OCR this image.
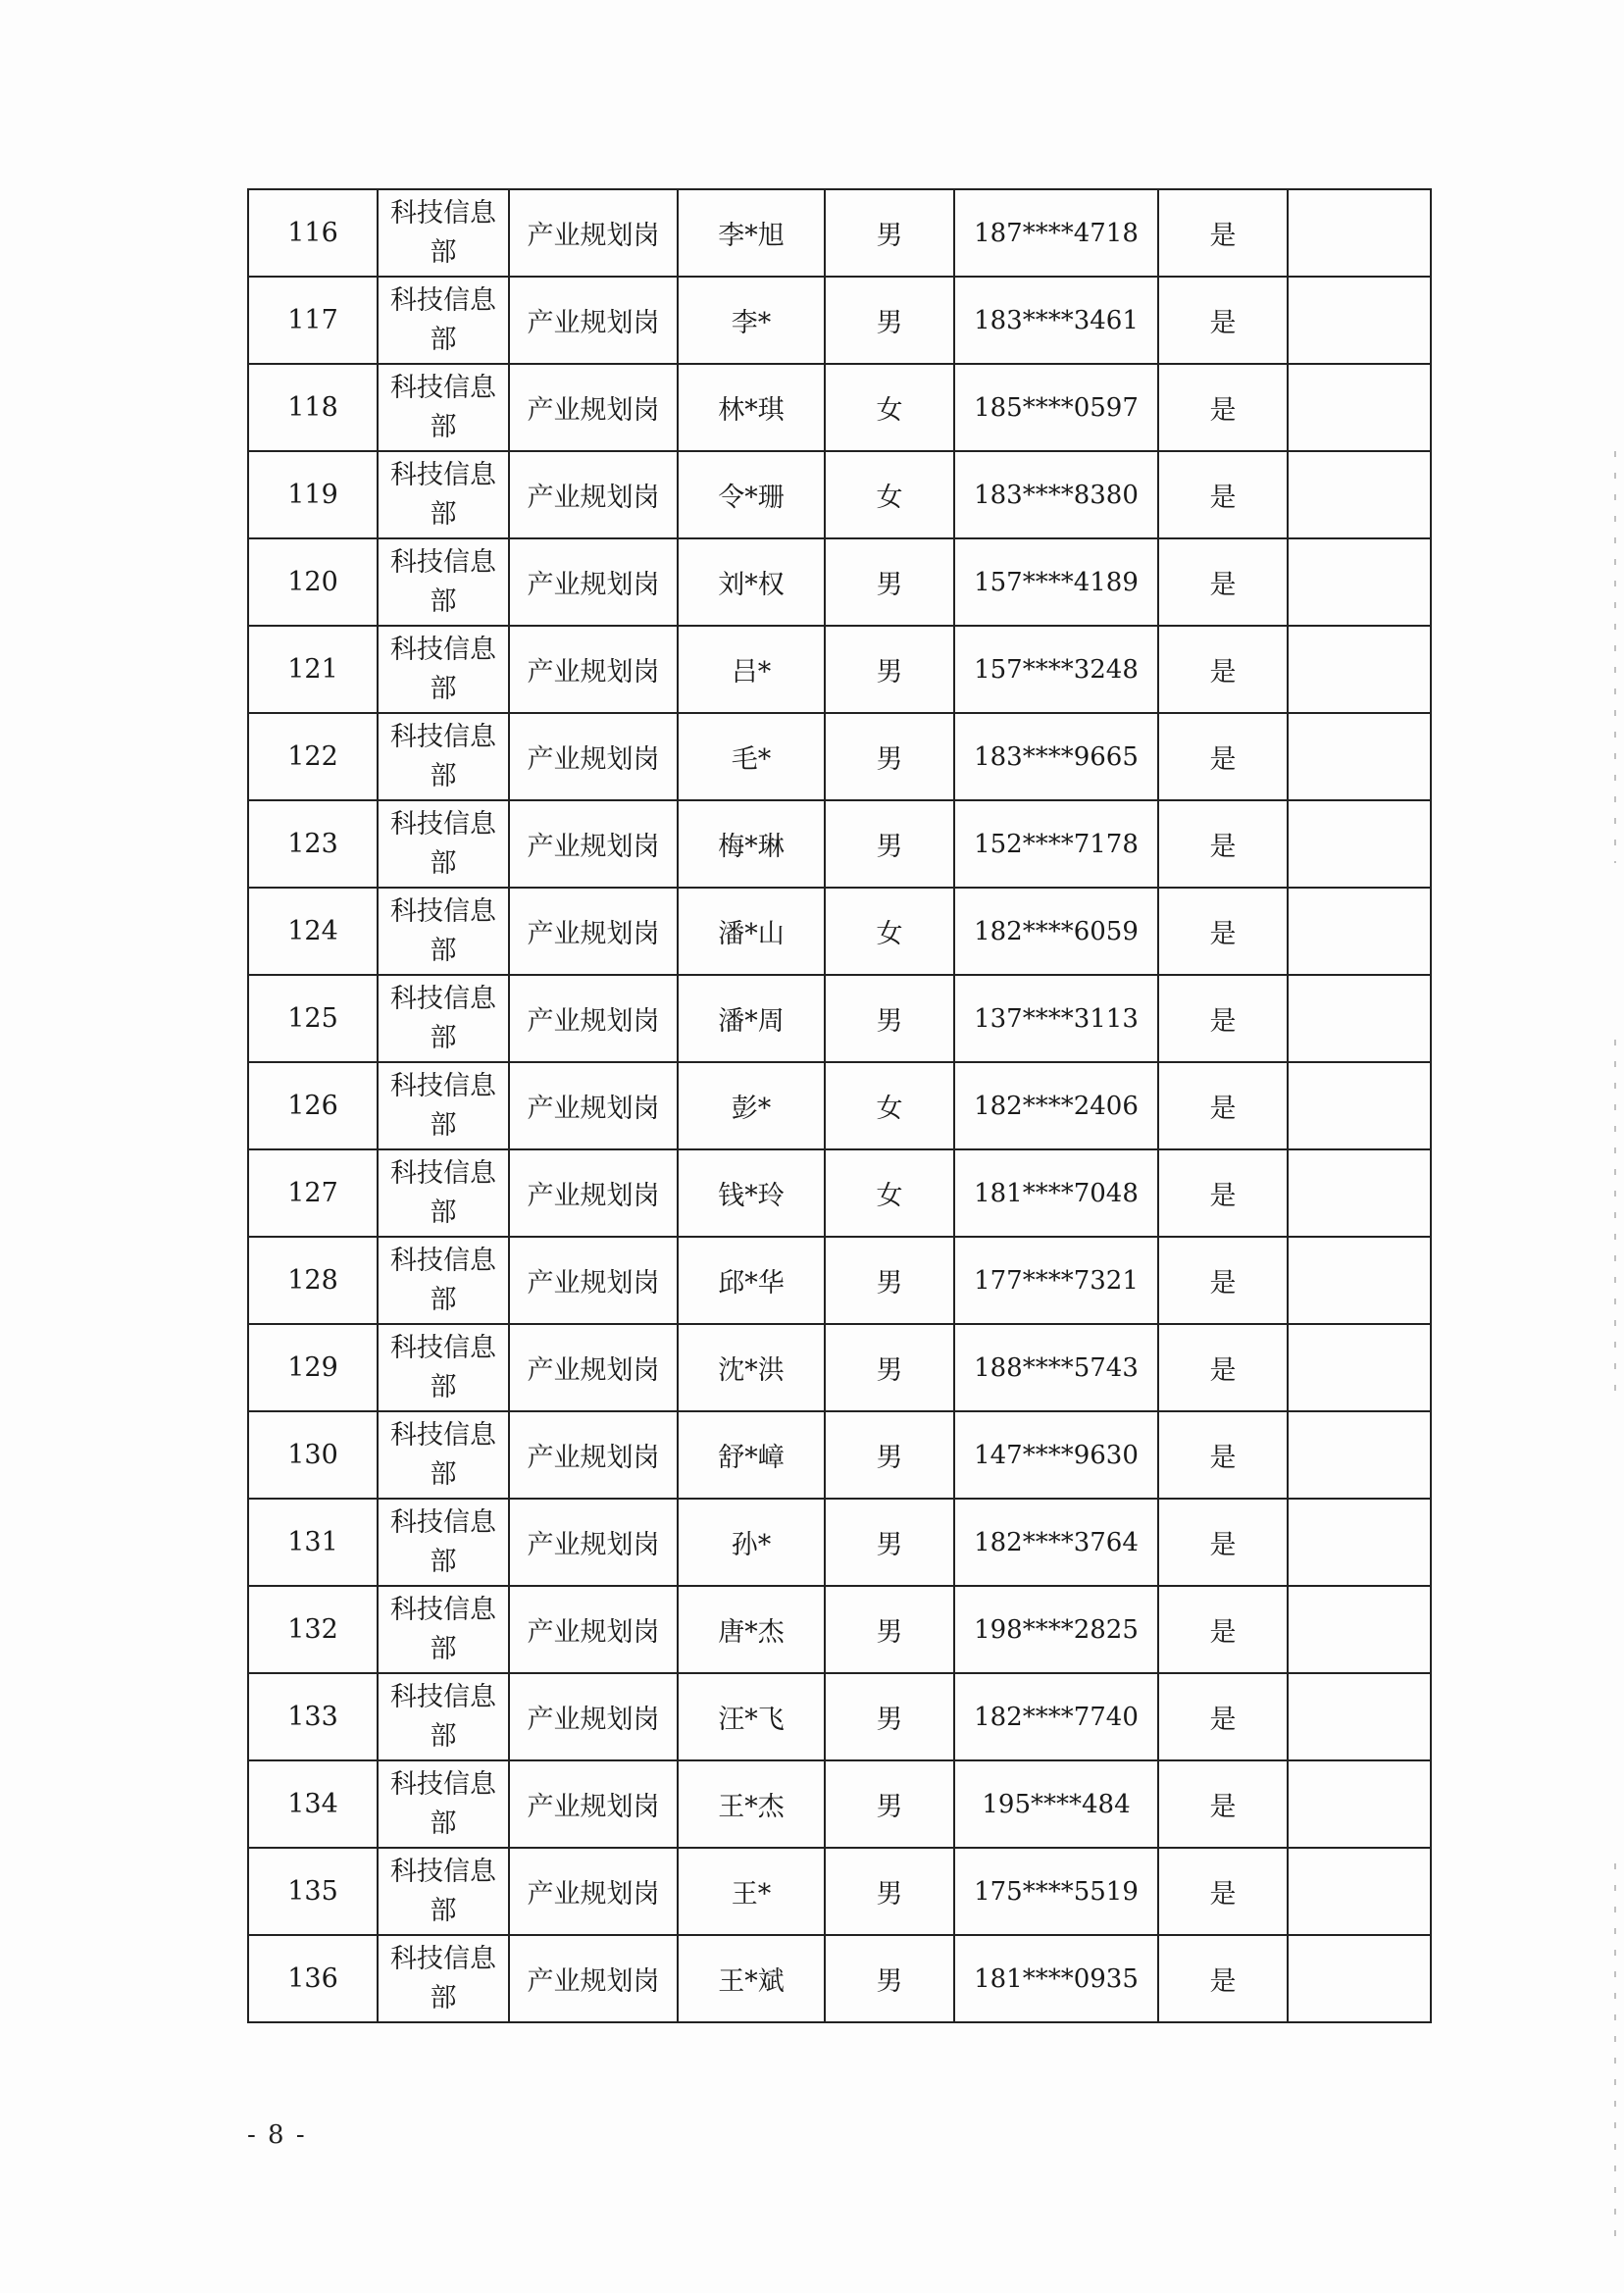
116	科技信息部	产业规划岗	李*旭	男	187****4718	是	
117	科技信息部	产业规划岗	李*	男	183****3461	是	
118	科技信息部	产业规划岗	林*琪	女	185****0597	是	
119	科技信息部	产业规划岗	令*珊	女	183****8380	是	
120	科技信息部	产业规划岗	刘*权	男	157****4189	是	
121	科技信息部	产业规划岗	吕*	男	157****3248	是	
122	科技信息部	产业规划岗	毛*	男	183****9665	是	
123	科技信息部	产业规划岗	梅*琳	男	152****7178	是	
124	科技信息部	产业规划岗	潘*山	女	182****6059	是	
125	科技信息部	产业规划岗	潘*周	男	137****3113	是	
126	科技信息部	产业规划岗	彭*	女	182****2406	是	
127	科技信息部	产业规划岗	钱*玲	女	181****7048	是	
128	科技信息部	产业规划岗	邱*华	男	177****7321	是	
129	科技信息部	产业规划岗	沈*洪	男	188****5743	是	
130	科技信息部	产业规划岗	舒*嶂	男	147****9630	是	
131	科技信息部	产业规划岗	孙*	男	182****3764	是	
132	科技信息部	产业规划岗	唐*杰	男	198****2825	是	
133	科技信息部	产业规划岗	汪*飞	男	182****7740	是	
134	科技信息部	产业规划岗	王*杰	男	195****484	是	
135	科技信息部	产业规划岗	王*	男	175****5519	是	
136	科技信息部	产业规划岗	王*斌	男	181****0935	是	
- 8 -
